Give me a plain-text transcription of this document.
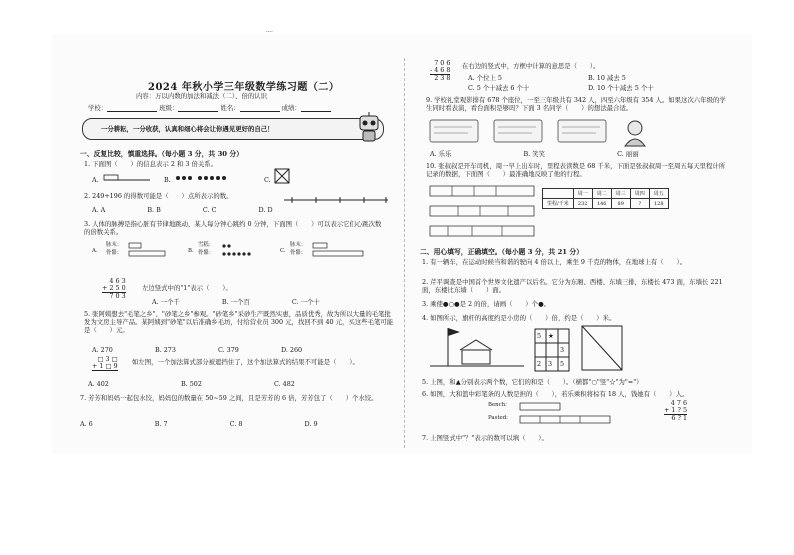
....
2024 年秋小学三年级数学练习题（二）
内容：万以内数的加法和减法（二）、倍的认识
学校：	班级：	姓名：	成绩：
一分耕耘，一分收获，认真和细心将会让你遇见更好的自己！
一、反复比较，慎重选择。（每小题 3 分，共 30 分）
1. 下面图（　　）的信息表示 2 和 3 倍关系。
A.	B.	C.
2. 249+196 的得数可能是（　　）点所表示的数。
A. A	B. B	C. C	D. D
3. 人体的脉搏是指心脏有节律地跳动，某人每分钟心跳约 0 分钟，下面图（　　）可以表示它们心跳次数的倍数关系。
A.
脉末：
骨骼：	B.
雪糕：
骨骼：	C.
脉末：
骨骼：
4 6 3
+ 2 5 0
7 0 3
左边竖式中的"1"表示（　　）。
A. 一个千	B. 一个百	C. 一个十
5. 张阿姨想去"毛笔之乡"、"砂笔之乡"参观。"砂笔乡"采砂生产既然实惠，品质优秀，故为所以大量的毛笔批发为文房主导产品。某阿姨到"砂笔"以后准确乡毛坊，付给营业员 300 元，找回不到 40 元，买这些毛笔可能是（　　）元。
A. 270	B. 273	C. 379	D. 260
□ 3 □
+ 1 □ 9 如左图，一个加法算式部分被遮挡住了，这个加法算式的结果不可能是（　　）。
A. 402	B. 502	C. 482
7. 芳芳和妈妈一起包水饺，妈妈包的数量在 50~59 之间，且是芳芳的 6 倍，芳芳包了（　　）个水饺。
A. 6	B. 7	C. 8	D. 9
7 0 6
- 4 6 8
2 3 8
在右边的竖式中，方框中计算的意思是（　　）。
A. 个位上 5	B. 10 减去 5
C. 5 个十减去 6 个十	D. 10 个十减去 5 个十
9. 学校礼堂观影排有 678 个座位，一至三年级共有 342 人，四至六年级有 354 人。如果这次六年级的学生同时看表演，看台面积是够吗？下面 3 名同学（　　）的想法最合适。
A. 乐乐	B. 笑笑	C. 丽丽
10. 张叔叔是开车司机，周一早上出车时，里程表读数是 68 千米，下面是张叔叔周一至周五每天里程计所记录的数据，下面图（　　）最准确地反映了他的行程。
	周一	周二	周三	周四	周五
里程/千米	232	146	89	?	128
二、用心填写，正确填空。（每小题 3 分，共 21 分）
1. 有一辆车，在运动时候当和谐的驶向 4 倍以上，乘坐 9 千克的物体，在地球上有（　　）。
2. 芹平调查是中国首个世界文化遗产以后名。它分为东厢、西楼、东墙三排，东楼长 473 面，东墙长 221 面，东楼比东墙（　　）面。
3. 乘使●○●是 2 的倍，请画（　　）个●。
4. 如图所示，旗杆的高度约是小房的（　　）倍，约是（　　）米。
5 ★
3
2 3 5
5. 上图，和▲分别表示两个数，它们的和是（　　）。（横都"○"竖"☆"为"="）
6. 如图，大和篮中彩笔条的人数是担的（　　），若乐乘积将棕有 18 人，钱她有（　　）人。
Bench:
Pasted:
4 7 6
+ 1 ? 5
6 ? 1
7. 上图竖式中"？"表示的数可以填（　　）。
